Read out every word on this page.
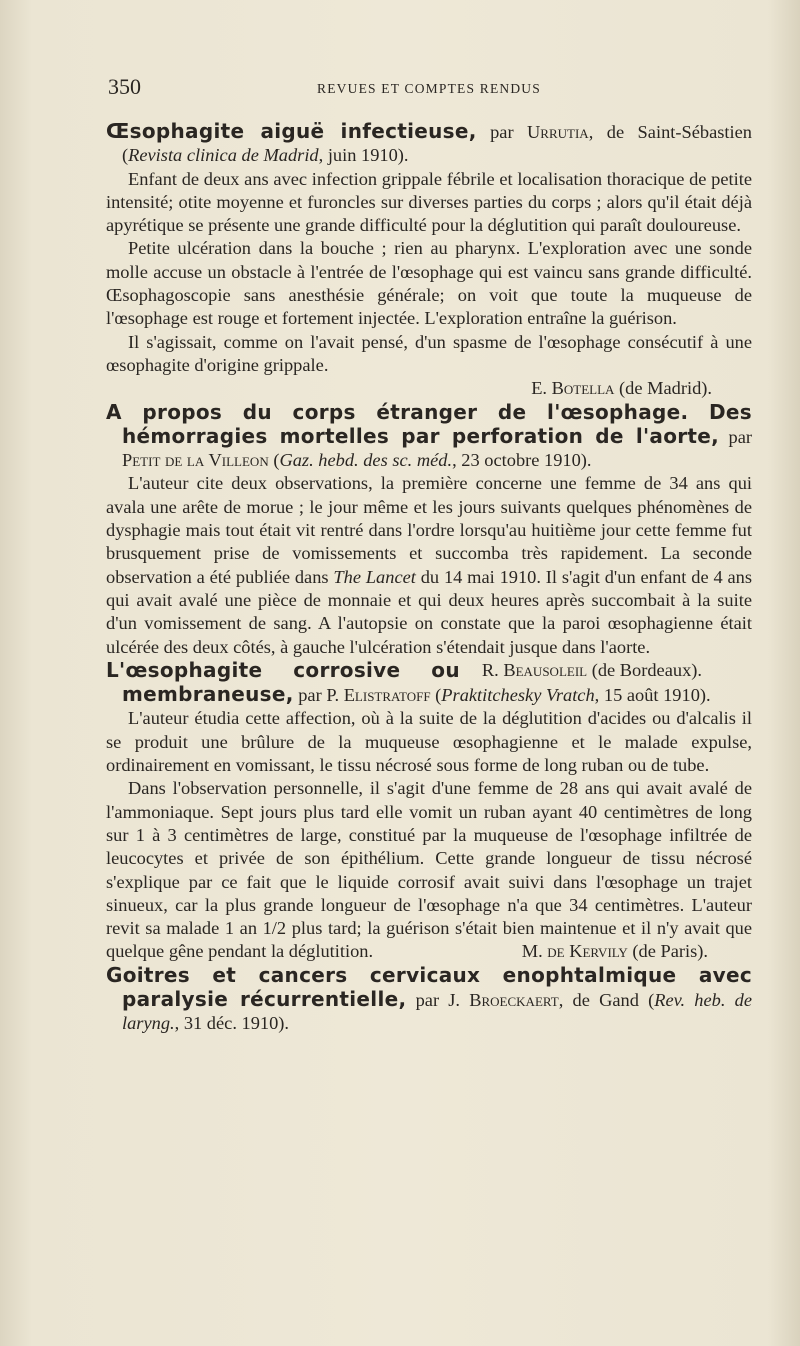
350	REVUES ET COMPTES RENDUS

Œsophagite aiguë infectieuse, par Urrutia, de Saint-Sébastien (Revista clinica de Madrid, juin 1910).

Enfant de deux ans avec infection grippale fébrile et localisation thoracique de petite intensité; otite moyenne et furoncles sur diverses parties du corps ; alors qu'il était déjà apyrétique se présente une grande difficulté pour la déglutition qui paraît douloureuse.

Petite ulcération dans la bouche ; rien au pharynx. L'exploration avec une sonde molle accuse un obstacle à l'entrée de l'œsophage qui est vaincu sans grande difficulté. Œsophagoscopie sans anesthésie générale; on voit que toute la muqueuse de l'œsophage est rouge et fortement injectée. L'exploration entraîne la guérison.

Il s'agissait, comme on l'avait pensé, d'un spasme de l'œsophage consécutif à une œsophagite d'origine grippale.

E. Botella (de Madrid).

A propos du corps étranger de l'œsophage. Des hémorragies mortelles par perforation de l'aorte, par Petit de la Villeon (Gaz. hebd. des sc. méd., 23 octobre 1910).

L'auteur cite deux observations, la première concerne une femme de 34 ans qui avala une arête de morue ; le jour même et les jours suivants quelques phénomènes de dysphagie mais tout était vit rentré dans l'ordre lorsqu'au huitième jour cette femme fut brusquement prise de vomissements et succomba très rapidement. La seconde observation a été publiée dans The Lancet du 14 mai 1910. Il s'agit d'un enfant de 4 ans qui avait avalé une pièce de monnaie et qui deux heures après succombait à la suite d'un vomissement de sang. A l'autopsie on constate que la paroi œsophagienne était ulcérée des deux côtés, à gauche l'ulcération s'étendait jusque dans l'aorte.
R. Beausoleil (de Bordeaux).

L'œsophagite corrosive ou membraneuse, par P. Elistratoff (Praktitchesky Vratch, 15 août 1910).

L'auteur étudia cette affection, où à la suite de la déglutition d'acides ou d'alcalis il se produit une brûlure de la muqueuse œsophagienne et le malade expulse, ordinairement en vomissant, le tissu nécrosé sous forme de long ruban ou de tube.

Dans l'observation personnelle, il s'agit d'une femme de 28 ans qui avait avalé de l'ammoniaque. Sept jours plus tard elle vomit un ruban ayant 40 centimètres de long sur 1 à 3 centimètres de large, constitué par la muqueuse de l'œsophage infiltrée de leucocytes et privée de son épithélium. Cette grande longueur de tissu nécrosé s'explique par ce fait que le liquide corrosif avait suivi dans l'œsophage un trajet sinueux, car la plus grande longueur de l'œsophage n'a que 34 centimètres. L'auteur revit sa malade 1 an 1/2 plus tard; la guérison s'était bien maintenue et il n'y avait que quelque gêne pendant la déglutition.	M. de Kervily (de Paris).

Goitres et cancers cervicaux enophtalmique avec paralysie récurrentielle, par J. Broeckaert, de Gand (Rev. heb. de laryng., 31 déc. 1910).
